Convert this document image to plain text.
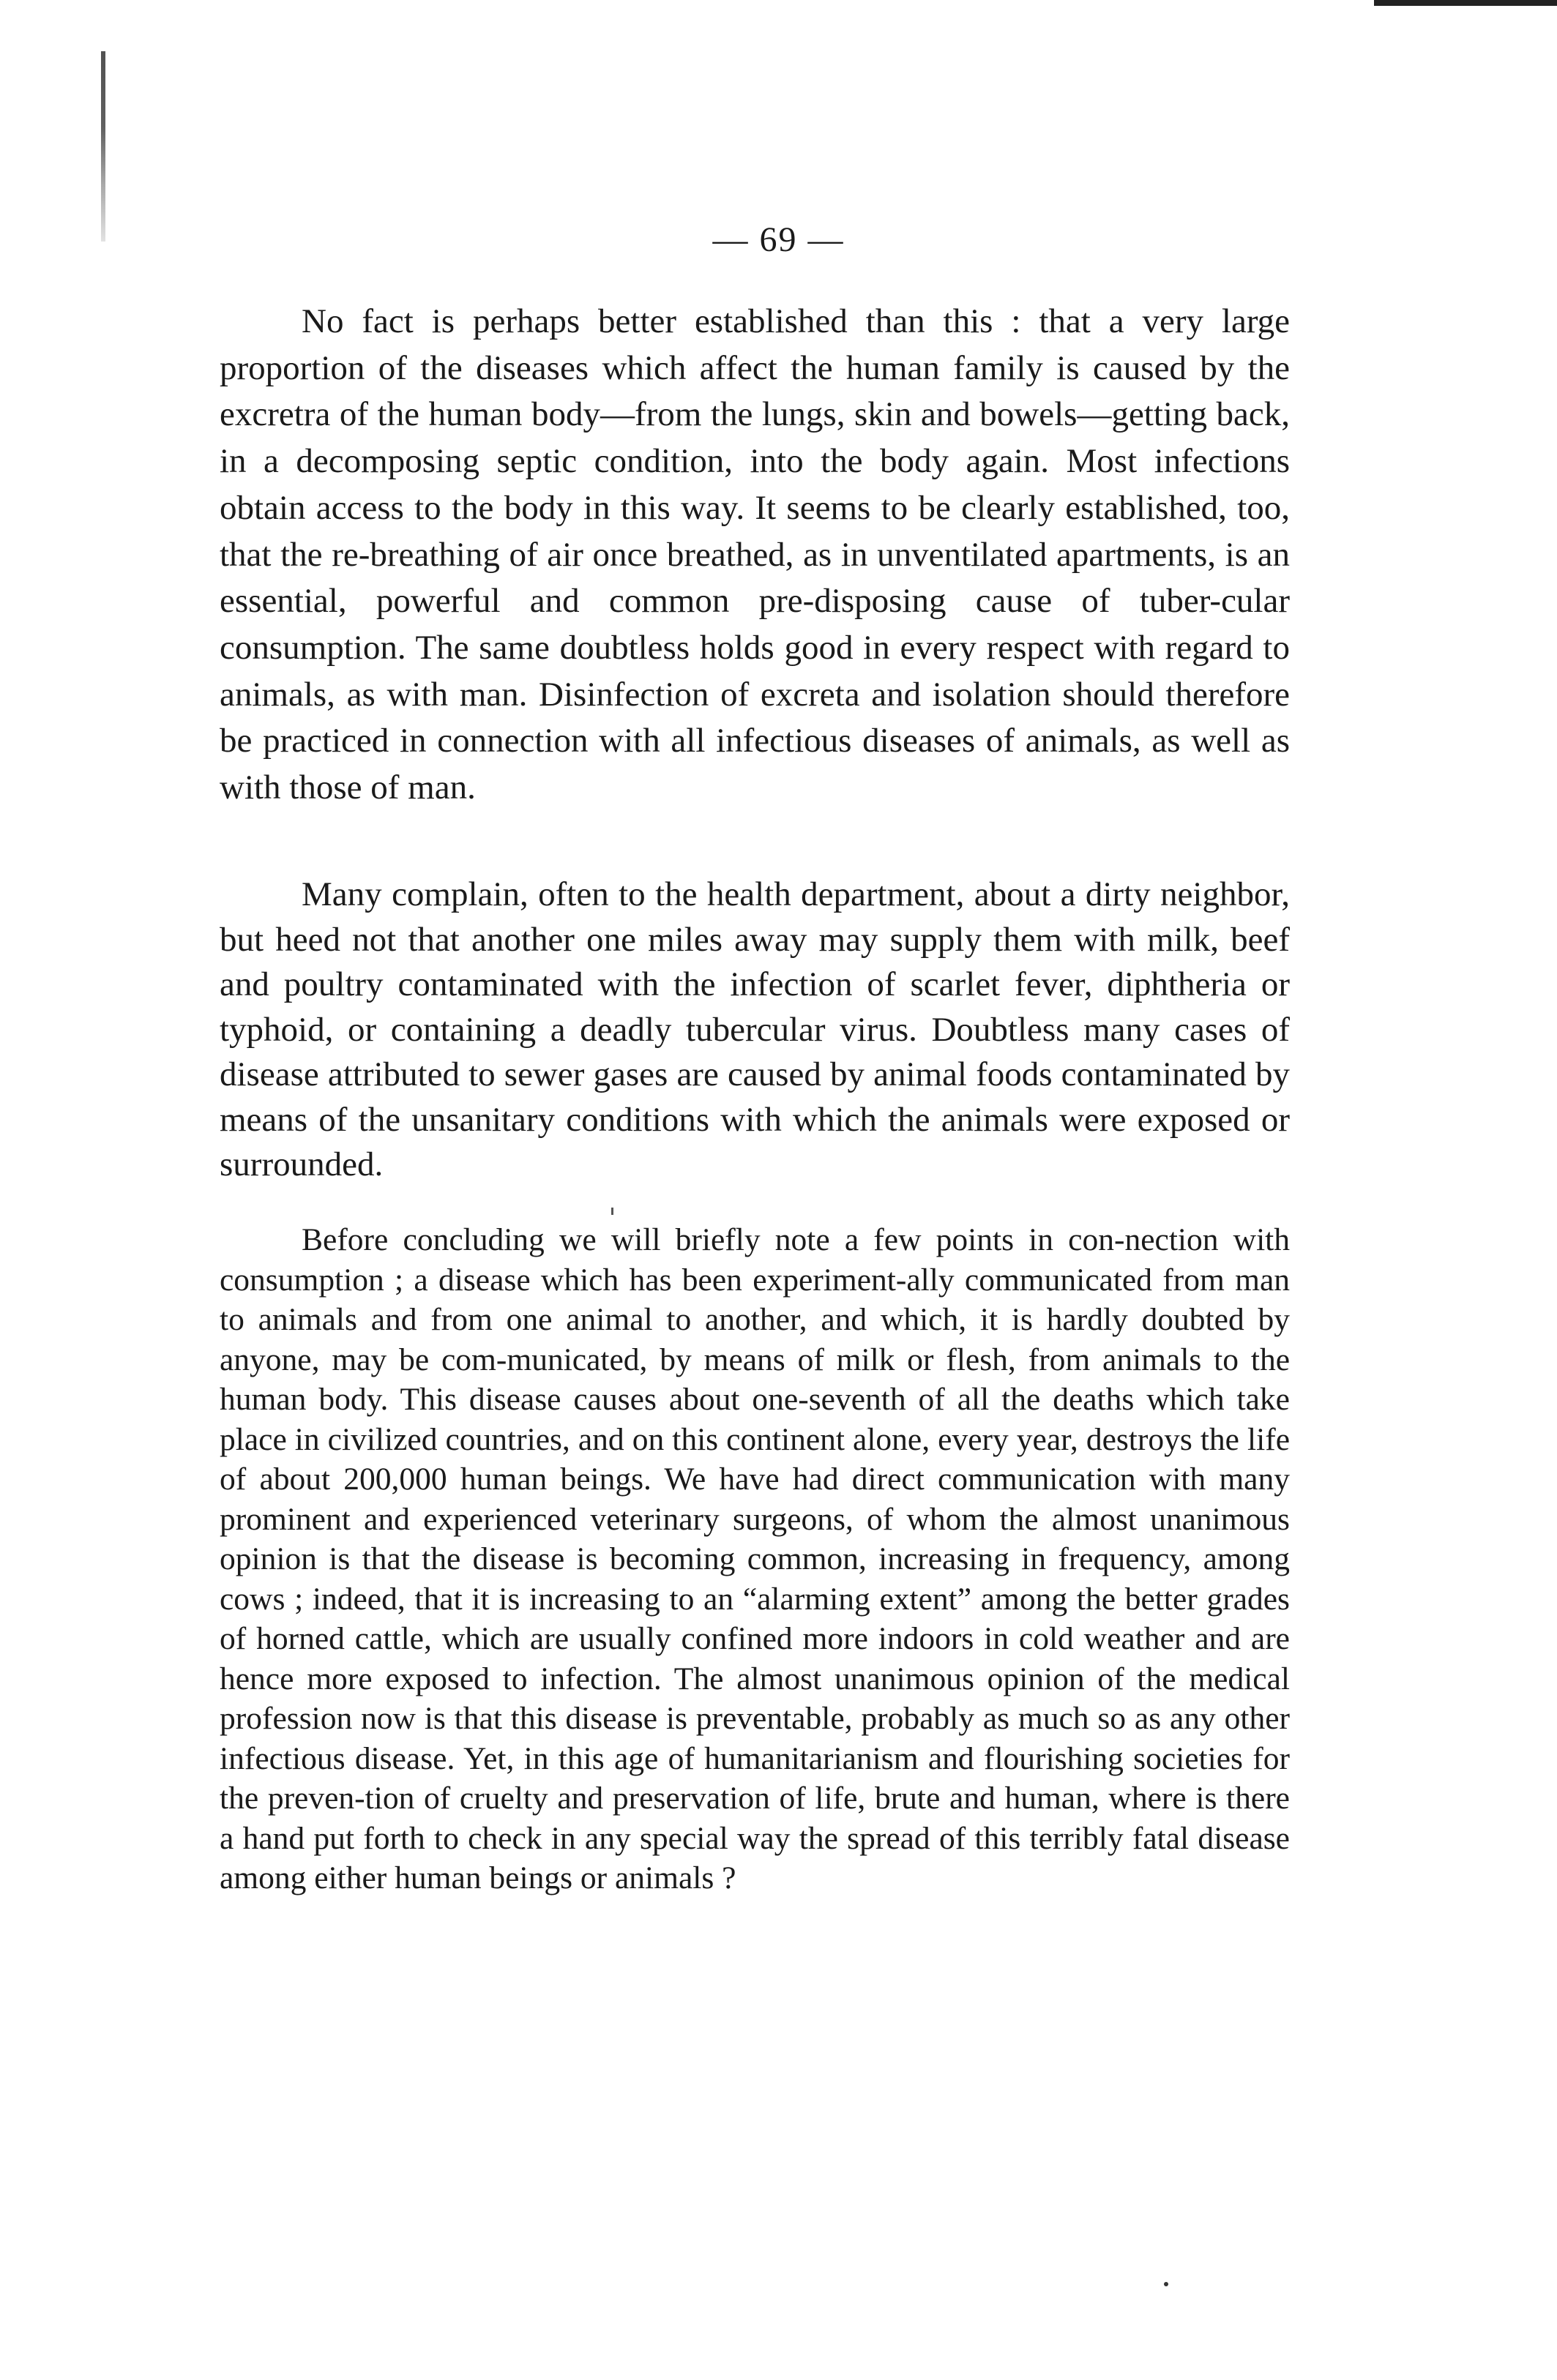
— 69 —
No fact is perhaps better established than this : that a very large proportion of the diseases which affect the human family is caused by the excretra of the human body—from the lungs, skin and bowels—getting back, in a decomposing septic condition, into the body again. Most infections obtain access to the body in this way. It seems to be clearly established, too, that the re-breathing of air once breathed, as in unventilated apartments, is an essential, powerful and common pre-disposing cause of tuber-cular consumption. The same doubtless holds good in every respect with regard to animals, as with man. Disinfection of excreta and isolation should therefore be practiced in connection with all infectious diseases of animals, as well as with those of man.
Many complain, often to the health department, about a dirty neighbor, but heed not that another one miles away may supply them with milk, beef and poultry contaminated with the infection of scarlet fever, diphtheria or typhoid, or containing a deadly tubercular virus. Doubtless many cases of disease attributed to sewer gases are caused by animal foods contaminated by means of the unsanitary conditions with which the animals were exposed or surrounded.
Before concluding we will briefly note a few points in con-nection with consumption ; a disease which has been experiment-ally communicated from man to animals and from one animal to another, and which, it is hardly doubted by anyone, may be com-municated, by means of milk or flesh, from animals to the human body. This disease causes about one-seventh of all the deaths which take place in civilized countries, and on this continent alone, every year, destroys the life of about 200,000 human beings. We have had direct communication with many prominent and experienced veterinary surgeons, of whom the almost unanimous opinion is that the disease is becoming common, increasing in frequency, among cows ; indeed, that it is increasing to an “alarming extent” among the better grades of horned cattle, which are usually confined more indoors in cold weather and are hence more exposed to infection. The almost unanimous opinion of the medical profession now is that this disease is preventable, probably as much so as any other infectious disease. Yet, in this age of humanitarianism and flourishing societies for the preven-tion of cruelty and preservation of life, brute and human, where is there a hand put forth to check in any special way the spread of this terribly fatal disease among either human beings or animals ?
